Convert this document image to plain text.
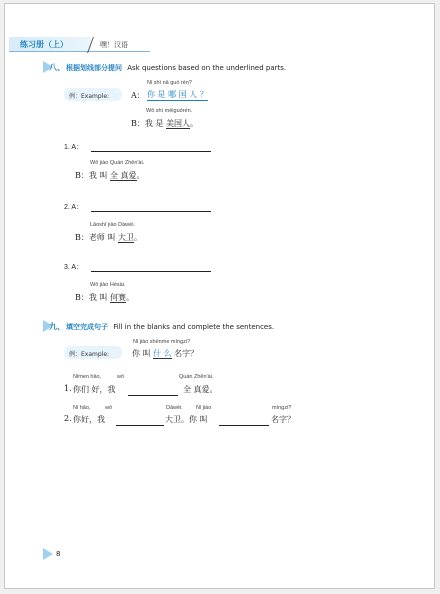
练习册（上）	嘿！汉语
八、 根据划线部分提问 Ask questions based on the underlined parts.
例：Example:
Nǐ shì nǎ guó rén?
A： 你 是 哪 国 人 ？
Wǒ shì měiguórén.
B：我 是 美国人。
1. A：
Wǒ jiào Quán Zhēn'ài.
B：我 叫 全 真爱。
2. A：
Lǎoshī jiào Dàwèi.
B：老师 叫 大卫。
3. A：
Wǒ jiào Hésài.
B：我 叫 何赛。
九、 填空完成句子 Fill in the blanks and complete the sentences.
例：Example:
Nǐ jiào shénme míngzi?
你 叫 什 么 名字？
Nǐmen hǎo,	wǒ	Quán Zhēn'ài.
1. 你们 好，我	全 真爱。
Nǐ hǎo,	wǒ	Dàwèi. Nǐ jiào	míngzi?
2. 你好，我	大卫。你 叫	名字？
8
